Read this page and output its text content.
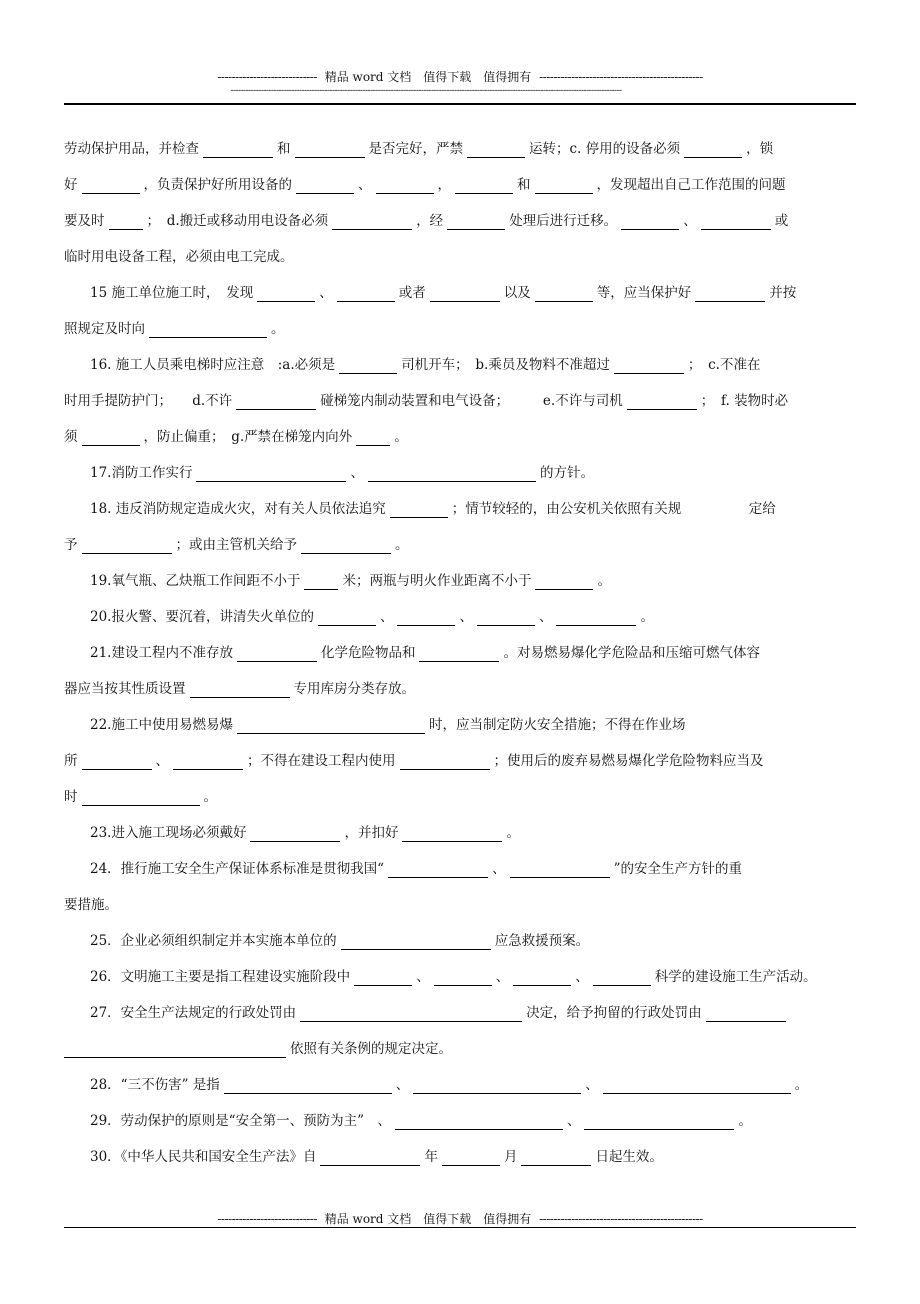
---------------------------- 精品 word 文档　值得下载　值得拥有 ----------------------------------------------
----------------------------------------------------------------------------------------------------------------------------------------------------------

劳动保护用品，并检查	和	是否完好，严禁	运转；c. 停用的设备必须	，锁

好	，负责保护好所用设备的	、	，	和	，发现超出自己工作范围的问题

要及时	；　d.搬迁或移动用电设备必须	，经	处理后进行迁移。	、	或

临时用电设备工程，必须由电工完成。

15 施工单位施工时，　发现	、	或者	以及	等，应当保护好	并按

照规定及时向	。

16. 施工人员乘电梯时应注意　:a.必须是	司机开车；　b.乘员及物料不准超过	；　c.不准在

时用手提防护门；　　d.不许	碰梯笼内制动装置和电气设备；　　　e.不许与司机	；　f. 装物时必

须	，防止偏重；　g.严禁在梯笼内向外	。

17.消防工作实行	、	的方针。

18. 违反消防规定造成火灾，对有关人员依法追究	；情节较轻的，由公安机关依照有关规　　　　　定给

予	；或由主管机关给予	。

19.氧气瓶、乙炔瓶工作间距不小于	米；两瓶与明火作业距离不小于	。

20.报火警、要沉着，讲清失火单位的	、	、	、	。

21.建设工程内不准存放	化学危险物品和	。对易燃易爆化学危险品和压缩可燃气体容

器应当按其性质设置	专用库房分类存放。

22.施工中使用易燃易爆	时，应当制定防火安全措施；不得在作业场

所	、	；不得在建设工程内使用	；使用后的废弃易燃易爆化学危险物料应当及

时	。

23.进入施工现场必须戴好	，并扣好	。

24．推行施工安全生产保证体系标准是贯彻我国“	、	”的安全生产方针的重

要措施。

25．企业必须组织制定并本实施本单位的	应急救援预案。

26．文明施工主要是指工程建设实施阶段中	、	、	、	科学的建设施工生产活动。

27．安全生产法规定的行政处罚由	决定，给予拘留的行政处罚由

依照有关条例的规定决定。

28．“三不伤害” 是指	、	、	。

29．劳动保护的原则是“安全第一、预防为主”　、	、	。

30．《中华人民共和国安全生产法》自	年	月	日起生效。

---------------------------- 精品 word 文档　值得下载　值得拥有 ----------------------------------------------
